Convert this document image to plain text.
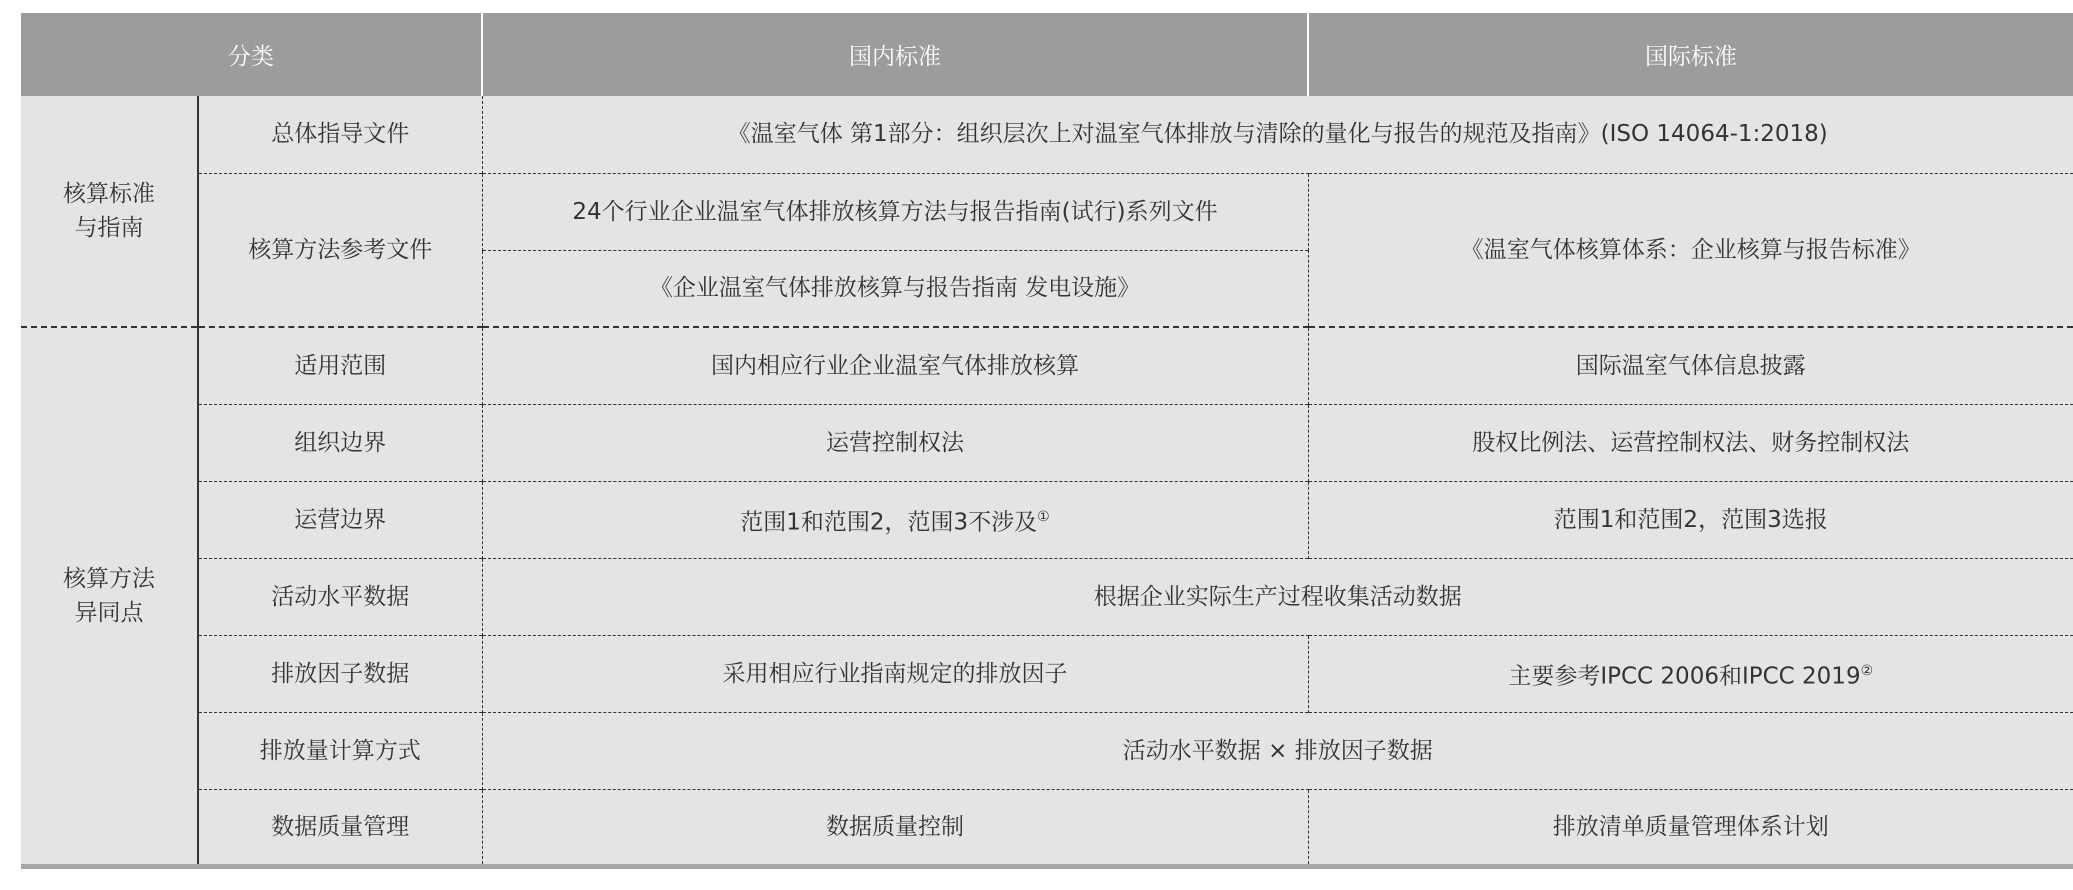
分类		国内标准	国际标准
核算标准
与指南	总体指导文件	《温室气体 第1部分：组织层次上对温室气体排放与清除的量化与报告的规范及指南》(ISO 14064-1:2018)	
	核算方法参考文件	24个行业企业温室气体排放核算方法与报告指南(试行)系列文件	《温室气体核算体系：企业核算与报告标准》
		《企业温室气体排放核算与报告指南 发电设施》	
核算方法
异同点	适用范围	国内相应行业企业温室气体排放核算	国际温室气体信息披露
	组织边界	运营控制权法	股权比例法、运营控制权法、财务控制权法
	运营边界	范围1和范围2，范围3不涉及①	范围1和范围2，范围3选报
	活动水平数据	根据企业实际生产过程收集活动数据	
	排放因子数据	采用相应行业指南规定的排放因子	主要参考IPCC 2006和IPCC 2019②
	排放量计算方式	活动水平数据 × 排放因子数据	
	数据质量管理	数据质量控制	排放清单质量管理体系计划
